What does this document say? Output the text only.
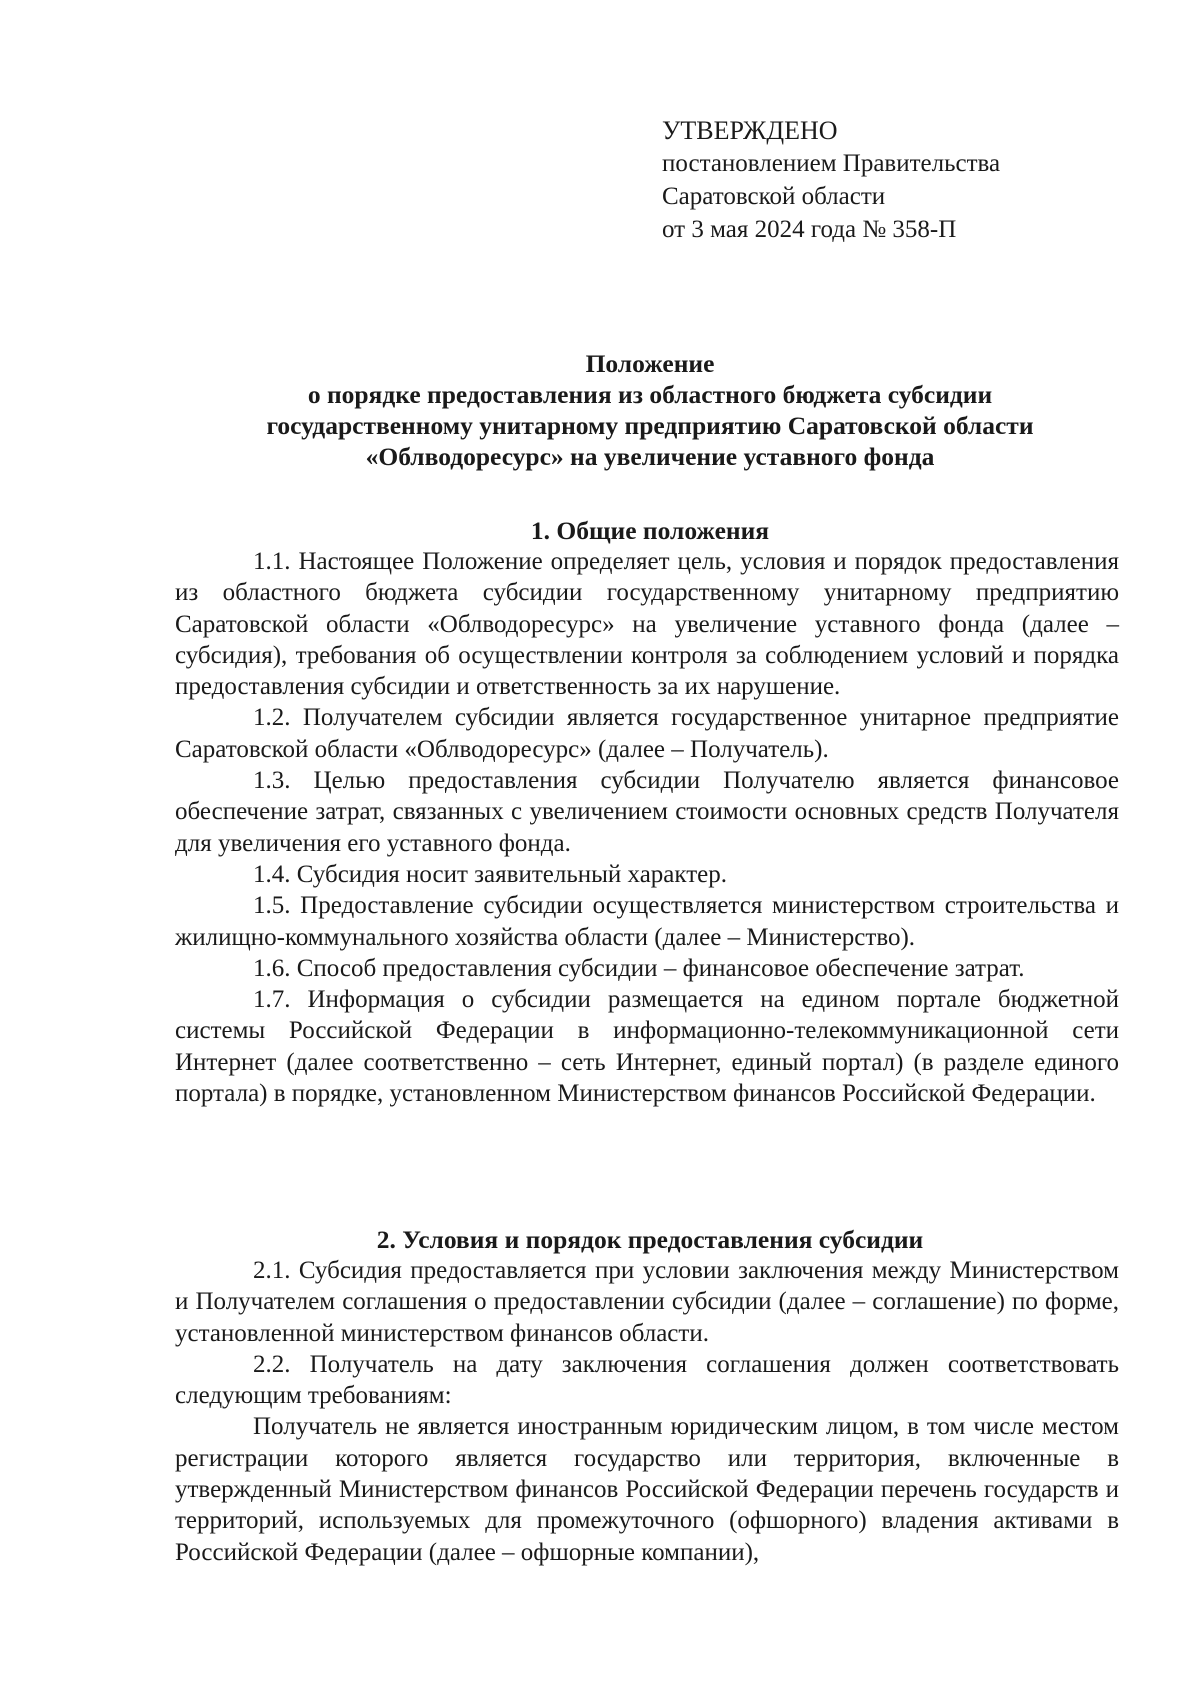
УТВЕРЖДЕНО
постановлением Правительства
Саратовской области
от 3 мая 2024 года № 358-П
Положение
о порядке предоставления из областного бюджета субсидии
государственному унитарному предприятию Саратовской области
«Облводоресурс» на увеличение уставного фонда
1. Общие положения

1.1. Настоящее Положение определяет цель, условия и порядок предоставления из областного бюджета субсидии государственному унитарному предприятию Саратовской области «Облводоресурс» на увеличение уставного фонда (далее – субсидия), требования об осуществлении контроля за соблюдением условий и порядка предоставления субсидии и ответственность за их нарушение.

1.2. Получателем субсидии является государственное унитарное предприятие Саратовской области «Облводоресурс» (далее – Получатель).

1.3. Целью предоставления субсидии Получателю является финансовое обеспечение затрат, связанных с увеличением стоимости основных средств Получателя для увеличения его уставного фонда.

1.4. Субсидия носит заявительный характер.

1.5. Предоставление субсидии осуществляется министерством строительства и жилищно-коммунального хозяйства области (далее – Министерство).

1.6. Способ предоставления субсидии – финансовое обеспечение затрат.

1.7. Информация о субсидии размещается на едином портале бюджетной системы Российской Федерации в информационно-телекоммуникационной сети Интернет (далее соответственно – сеть Интернет, единый портал) (в разделе единого портала) в порядке, установленном Министерством финансов Российской Федерации.

2. Условия и порядок предоставления субсидии

2.1. Субсидия предоставляется при условии заключения между Министерством и Получателем соглашения о предоставлении субсидии (далее – соглашение) по форме, установленной министерством финансов области.

2.2. Получатель на дату заключения соглашения должен соответствовать следующим требованиям:

Получатель не является иностранным юридическим лицом, в том числе местом регистрации которого является государство или территория, включенные в утвержденный Министерством финансов Российской Федерации перечень государств и территорий, используемых для промежуточного (офшорного) владения активами в Российской Федерации (далее – офшорные компании),
